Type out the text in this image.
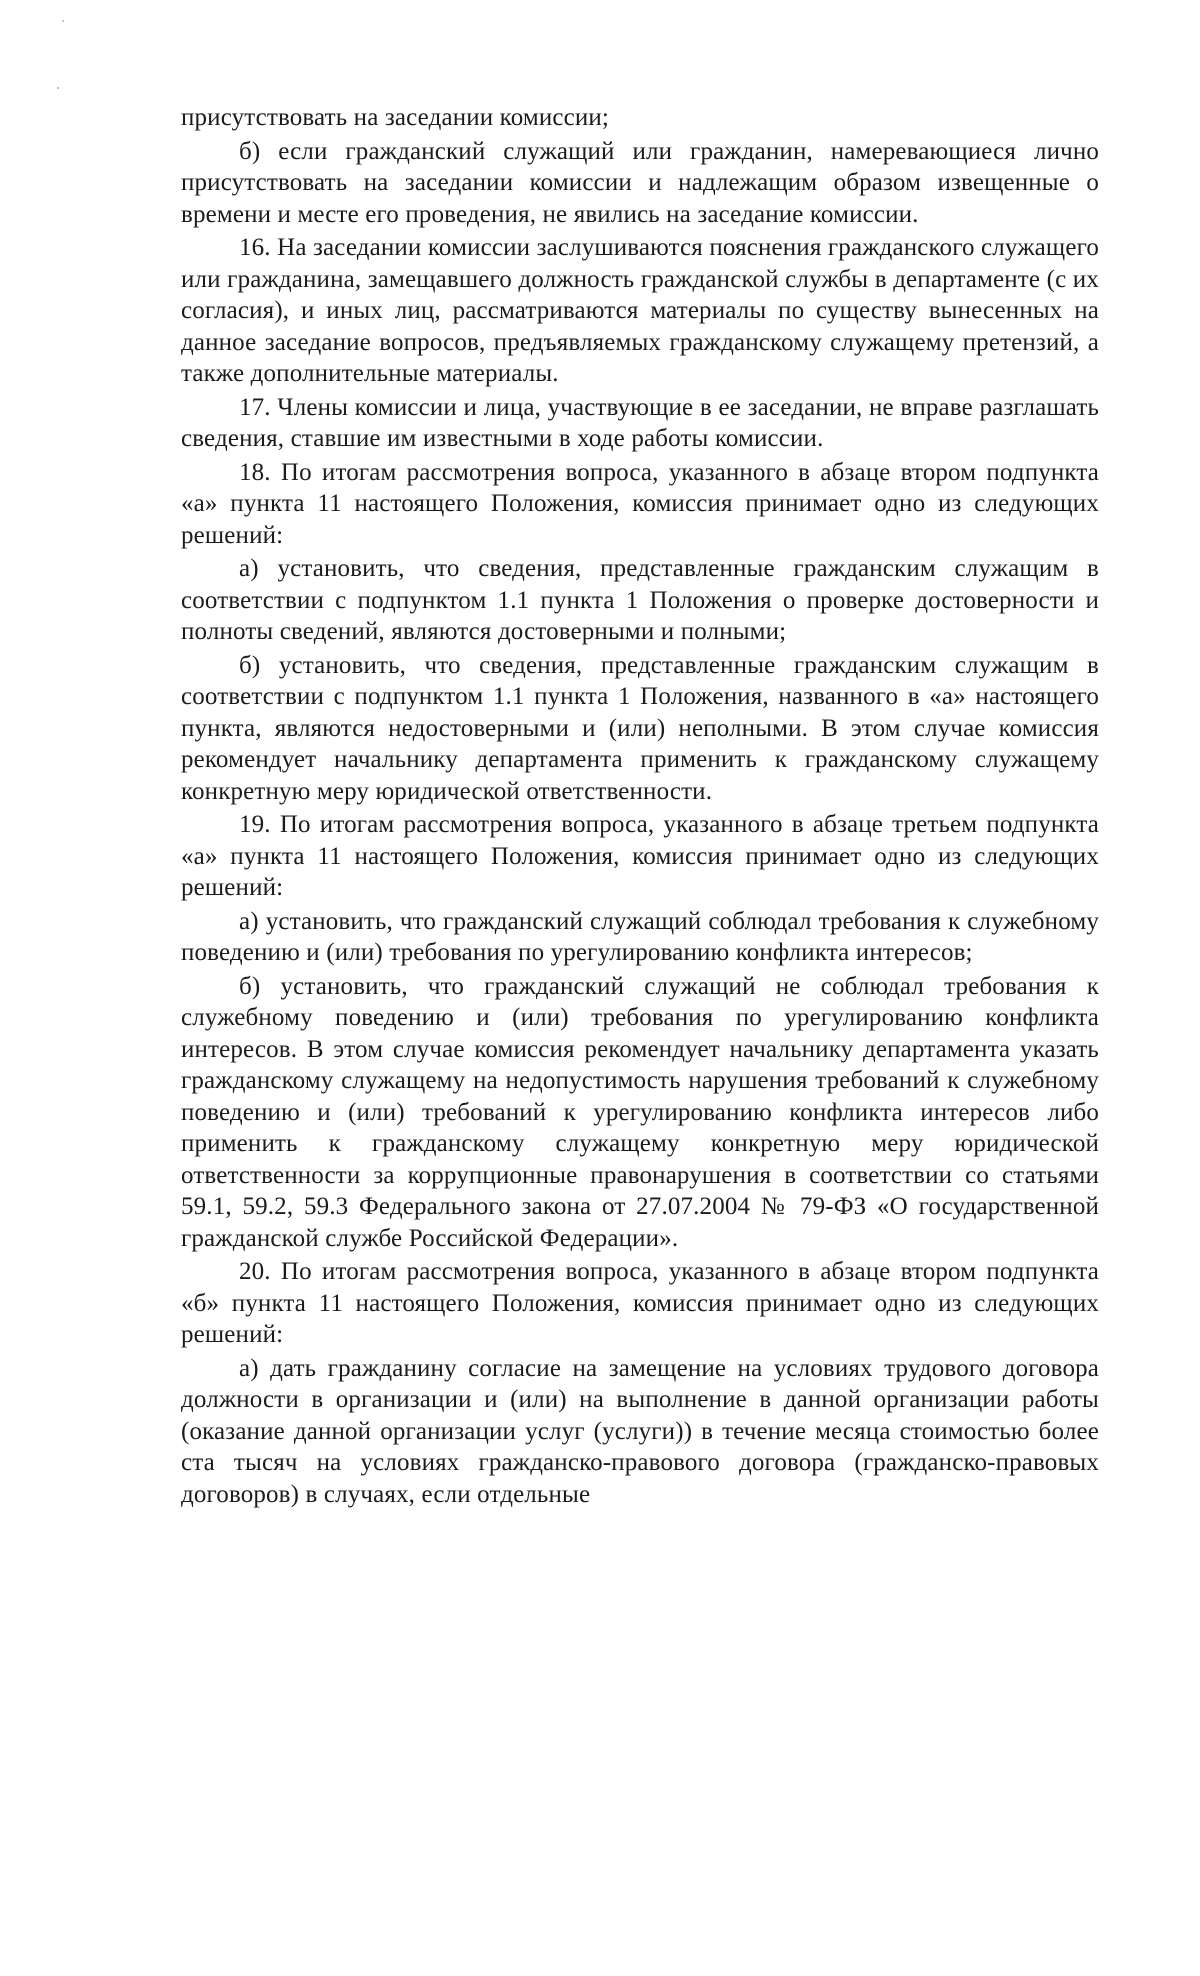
присутствовать на заседании комиссии;

б) если гражданский служащий или гражданин, намеревающиеся лично присутствовать на заседании комиссии и надлежащим образом извещенные о времени и месте его проведения, не явились на заседание комиссии.

16. На заседании комиссии заслушиваются пояснения гражданского служащего или гражданина, замещавшего должность гражданской службы в департаменте (с их согласия), и иных лиц, рассматриваются материалы по существу вынесенных на данное заседание вопросов, предъявляемых гражданскому служащему претензий, а также дополнительные материалы.

17. Члены комиссии и лица, участвующие в ее заседании, не вправе разглашать сведения, ставшие им известными в ходе работы комиссии.

18. По итогам рассмотрения вопроса, указанного в абзаце втором подпункта «а» пункта 11 настоящего Положения, комиссия принимает одно из следующих решений:

а) установить, что сведения, представленные гражданским служащим в соответствии с подпунктом 1.1 пункта 1 Положения о проверке достоверности и полноты сведений, являются достоверными и полными;

б) установить, что сведения, представленные гражданским служащим в соответствии с подпунктом 1.1 пункта 1 Положения, названного в «а» настоящего пункта, являются недостоверными и (или) неполными. В этом случае комиссия рекомендует начальнику департамента применить к гражданскому служащему конкретную меру юридической ответственности.

19. По итогам рассмотрения вопроса, указанного в абзаце третьем подпункта «а» пункта 11 настоящего Положения, комиссия принимает одно из следующих решений:

а) установить, что гражданский служащий соблюдал требования к служебному поведению и (или) требования по урегулированию конфликта интересов;

б) установить, что гражданский служащий не соблюдал требования к служебному поведению и (или) требования по урегулированию конфликта интересов. В этом случае комиссия рекомендует начальнику департамента указать гражданскому служащему на недопустимость нарушения требований к служебному поведению и (или) требований к урегулированию конфликта интересов либо применить к гражданскому служащему конкретную меру юридической ответственности за коррупционные правонарушения в соответствии со статьями 59.1, 59.2, 59.3 Федерального закона от 27.07.2004 № 79-ФЗ «О государственной гражданской службе Российской Федерации».

20. По итогам рассмотрения вопроса, указанного в абзаце втором подпункта «б» пункта 11 настоящего Положения, комиссия принимает одно из следующих решений:

а) дать гражданину согласие на замещение на условиях трудового договора должности в организации и (или) на выполнение в данной организации работы (оказание данной организации услуг (услуги)) в течение месяца стоимостью более ста тысяч на условиях гражданско-правового договора (гражданско-правовых договоров) в случаях, если отдельные
